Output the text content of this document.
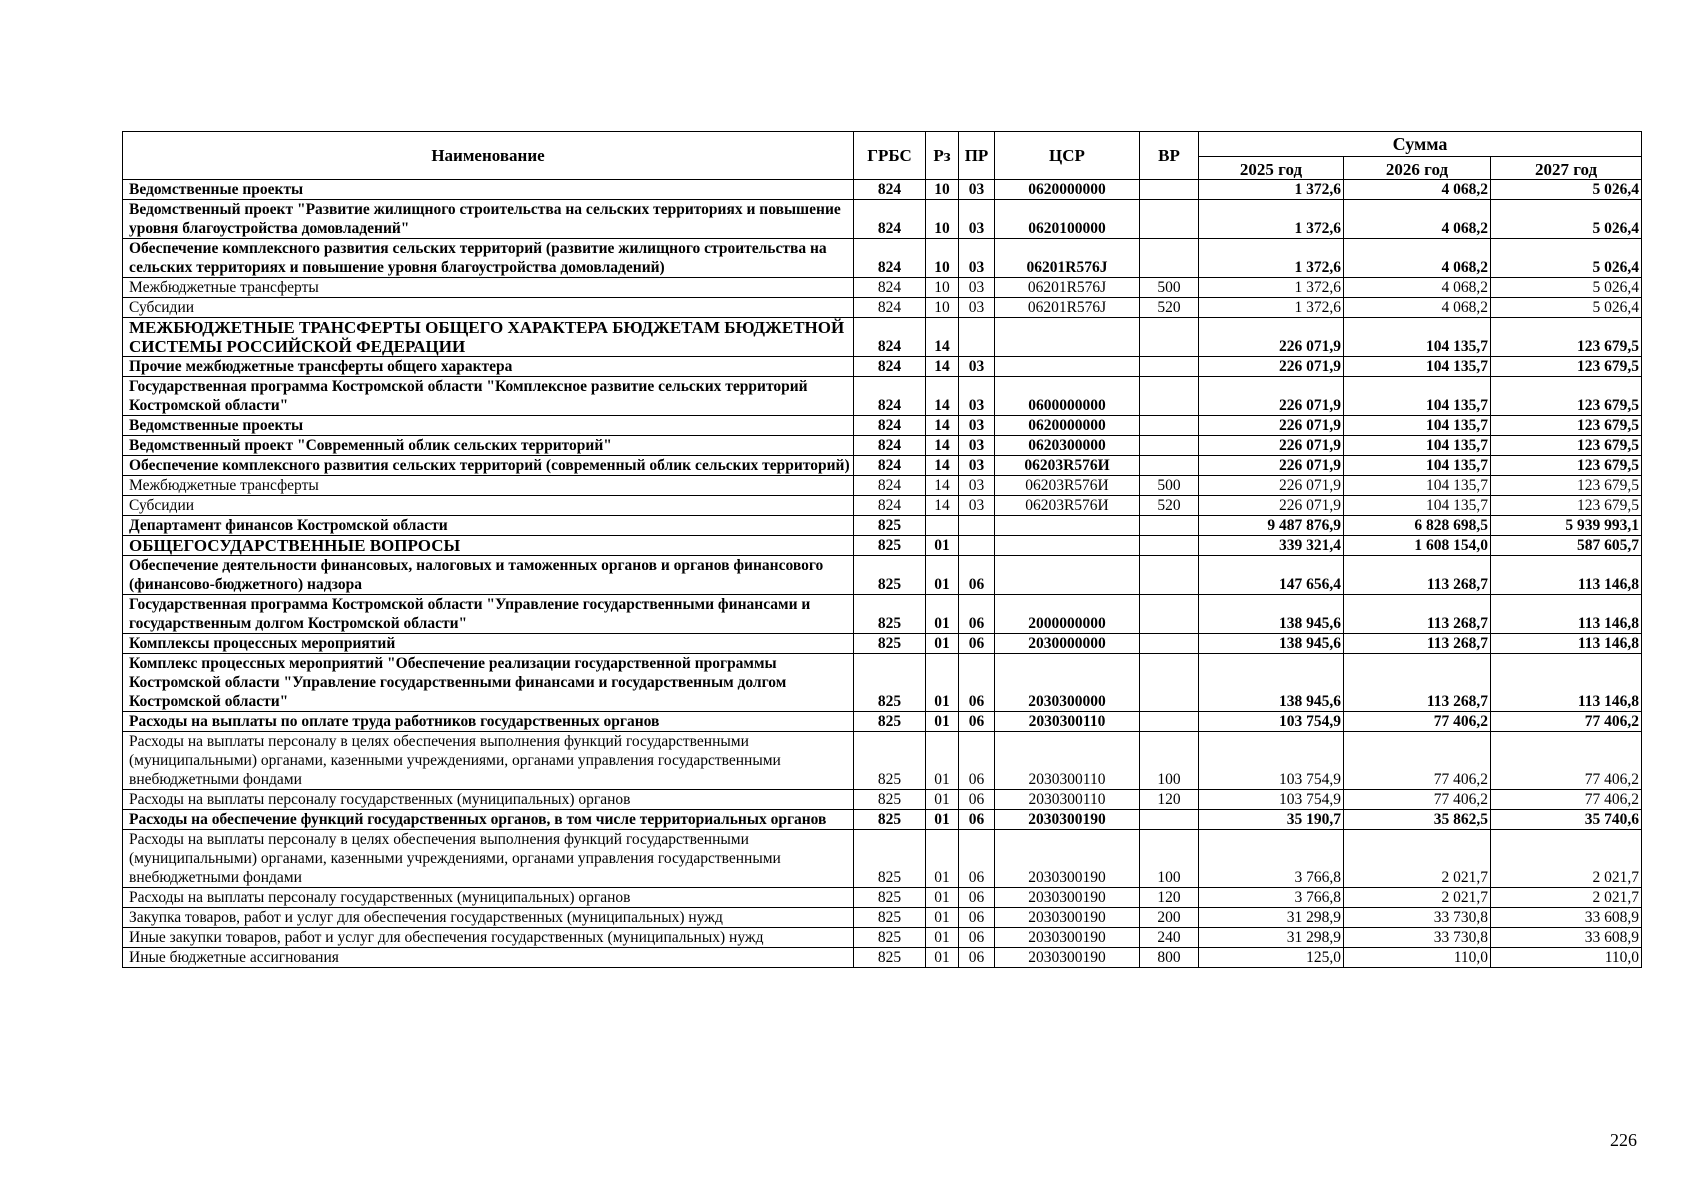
Наименование	ГРБС	Рз	ПР	ЦСР	ВР	Сумма		
						2025 год	2026 год	2027 год
Ведомственные проекты	824	10	03	0620000000		1 372,6	4 068,2	5 026,4
Ведомственный проект "Развитие жилищного строительства на сельских территориях и повышение уровня благоустройства домовладений"	824	10	03	0620100000		1 372,6	4 068,2	5 026,4
Обеспечение комплексного развития сельских территорий (развитие жилищного строительства на сельских территориях и повышение уровня благоустройства домовладений)	824	10	03	06201R576J		1 372,6	4 068,2	5 026,4
Межбюджетные трансферты	824	10	03	06201R576J	500	1 372,6	4 068,2	5 026,4
Субсидии	824	10	03	06201R576J	520	1 372,6	4 068,2	5 026,4
МЕЖБЮДЖЕТНЫЕ ТРАНСФЕРТЫ ОБЩЕГО ХАРАКТЕРА БЮДЖЕТАМ БЮДЖЕТНОЙ СИСТЕМЫ РОССИЙСКОЙ ФЕДЕРАЦИИ	824	14				226 071,9	104 135,7	123 679,5
Прочие межбюджетные трансферты общего характера	824	14	03			226 071,9	104 135,7	123 679,5
Государственная программа Костромской области "Комплексное развитие сельских территорий Костромской области"	824	14	03	0600000000		226 071,9	104 135,7	123 679,5
Ведомственные проекты	824	14	03	0620000000		226 071,9	104 135,7	123 679,5
Ведомственный проект "Современный облик сельских территорий"	824	14	03	0620300000		226 071,9	104 135,7	123 679,5
Обеспечение комплексного развития сельских территорий (современный облик сельских территорий)	824	14	03	06203R576И		226 071,9	104 135,7	123 679,5
Межбюджетные трансферты	824	14	03	06203R576И	500	226 071,9	104 135,7	123 679,5
Субсидии	824	14	03	06203R576И	520	226 071,9	104 135,7	123 679,5
Департамент финансов Костромской области	825					9 487 876,9	6 828 698,5	5 939 993,1
ОБЩЕГОСУДАРСТВЕННЫЕ ВОПРОСЫ	825	01				339 321,4	1 608 154,0	587 605,7
Обеспечение деятельности финансовых, налоговых и таможенных органов и органов финансового (финансово-бюджетного) надзора	825	01	06			147 656,4	113 268,7	113 146,8
Государственная программа Костромской области "Управление государственными финансами и государственным долгом Костромской области"	825	01	06	2000000000		138 945,6	113 268,7	113 146,8
Комплексы процессных мероприятий	825	01	06	2030000000		138 945,6	113 268,7	113 146,8
Комплекс процессных мероприятий "Обеспечение реализации государственной программы Костромской области "Управление государственными финансами и государственным долгом Костромской области"	825	01	06	2030300000		138 945,6	113 268,7	113 146,8
Расходы на выплаты по оплате труда работников государственных органов	825	01	06	2030300110		103 754,9	77 406,2	77 406,2
Расходы на выплаты персоналу в целях обеспечения выполнения функций государственными (муниципальными) органами, казенными учреждениями, органами управления государственными внебюджетными фондами	825	01	06	2030300110	100	103 754,9	77 406,2	77 406,2
Расходы на выплаты персоналу государственных (муниципальных) органов	825	01	06	2030300110	120	103 754,9	77 406,2	77 406,2
Расходы на обеспечение функций государственных органов, в том числе территориальных органов	825	01	06	2030300190		35 190,7	35 862,5	35 740,6
Расходы на выплаты персоналу в целях обеспечения выполнения функций государственными (муниципальными) органами, казенными учреждениями, органами управления государственными внебюджетными фондами	825	01	06	2030300190	100	3 766,8	2 021,7	2 021,7
Расходы на выплаты персоналу государственных (муниципальных) органов	825	01	06	2030300190	120	3 766,8	2 021,7	2 021,7
Закупка товаров, работ и услуг для обеспечения государственных (муниципальных) нужд	825	01	06	2030300190	200	31 298,9	33 730,8	33 608,9
Иные закупки товаров, работ и услуг для обеспечения государственных (муниципальных) нужд	825	01	06	2030300190	240	31 298,9	33 730,8	33 608,9
Иные бюджетные ассигнования	825	01	06	2030300190	800	125,0	110,0	110,0
226
